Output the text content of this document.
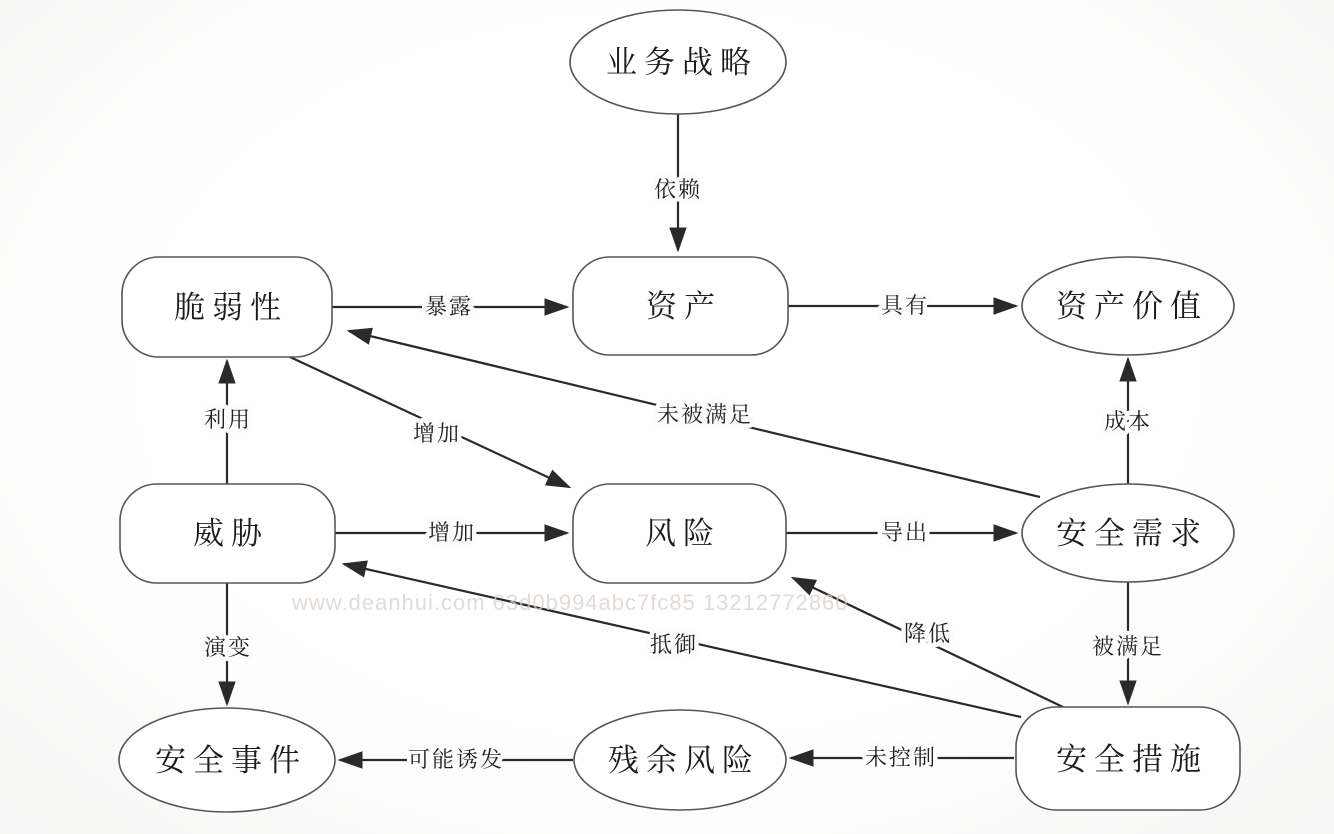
依赖
暴露	具有
利用
增加
增加	导出
成本
未被满足
被满足
演变	抵御	降低
未控制
可能诱发
www.deanhui.com 63d0b994abc7fc85 13212772860
业务战略
资产
脆弱性	资产价值
威胁	风险	安全需求
安全事件	残余风险	安全措施
